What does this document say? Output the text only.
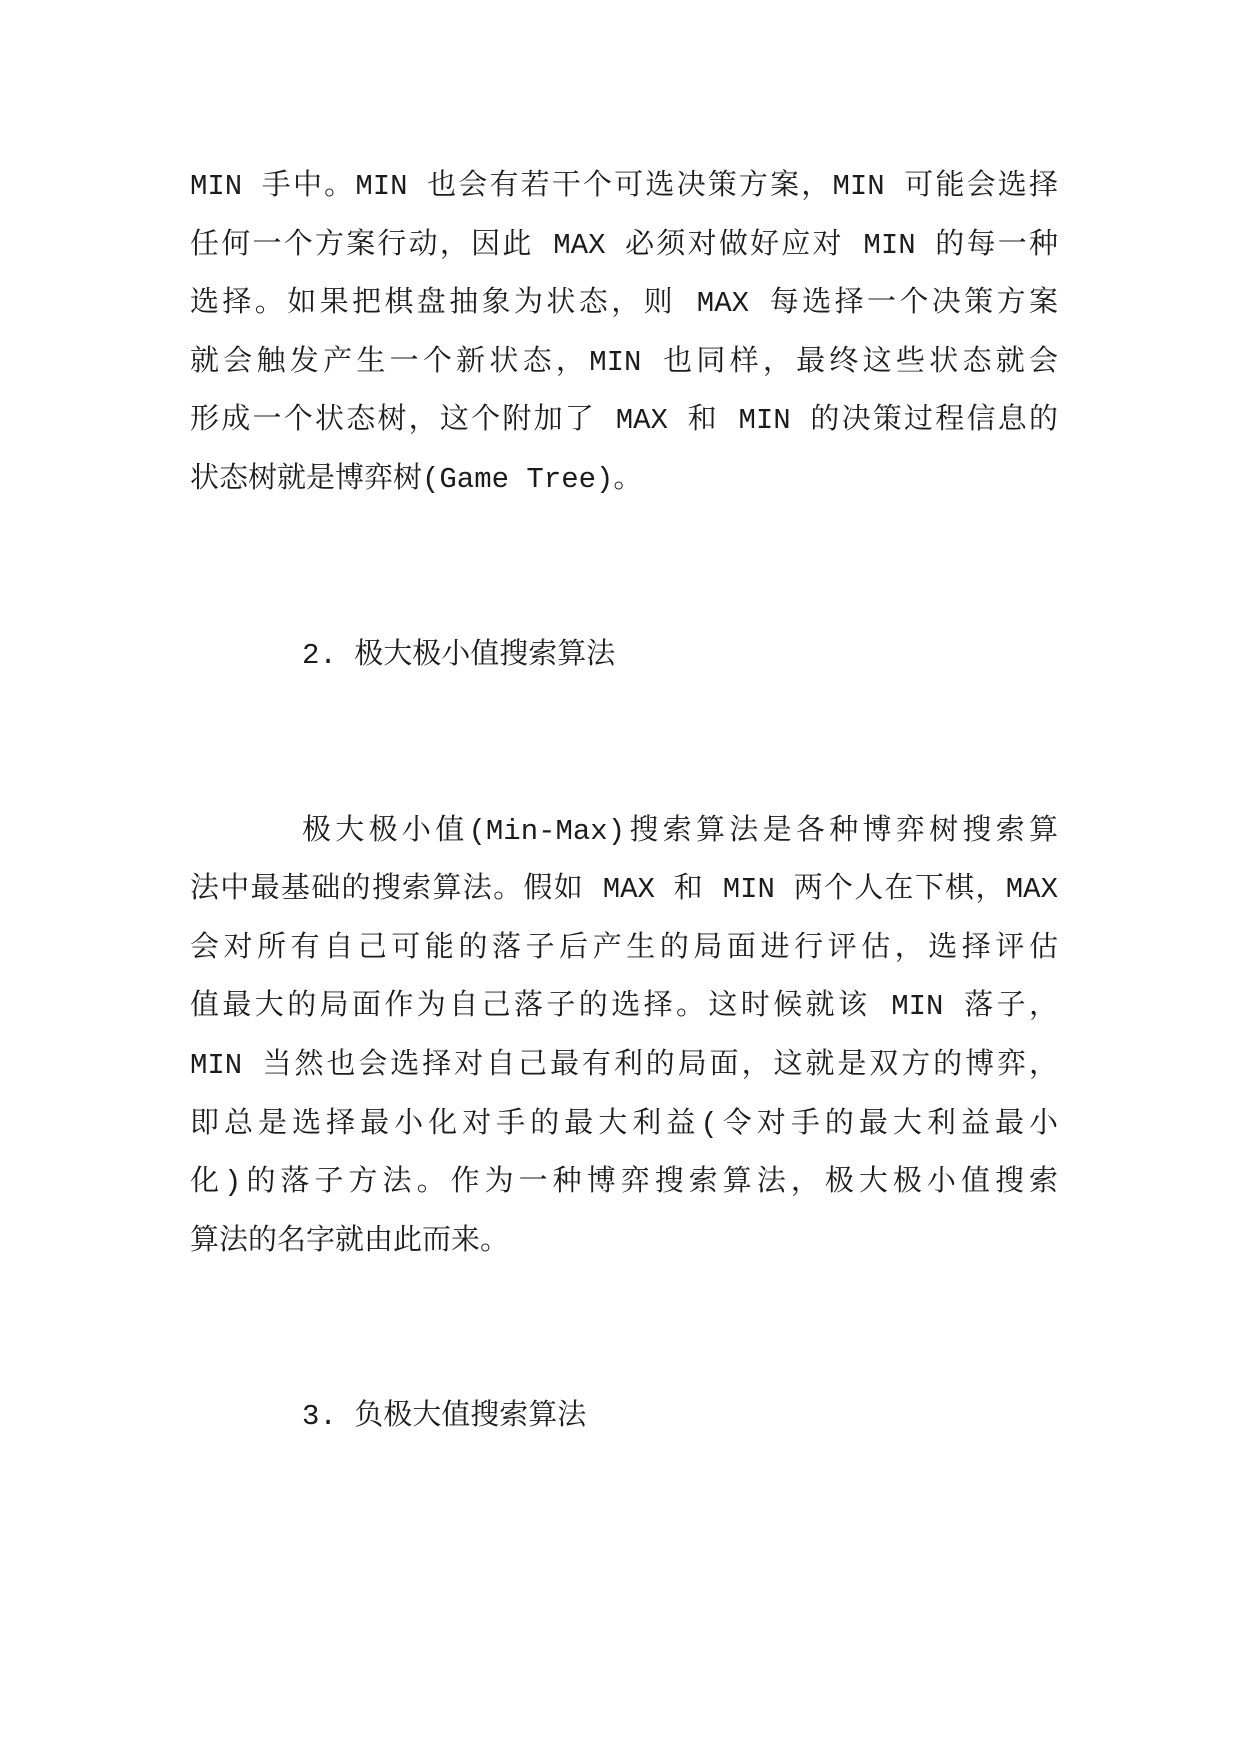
MIN 手中。MIN 也会有若干个可选决策方案，MIN 可能会选择
任何一个方案行动，因此 MAX 必须对做好应对 MIN 的每一种
选择。如果把棋盘抽象为状态，则 MAX 每选择一个决策方案
就会触发产生一个新状态，MIN 也同样，最终这些状态就会
形成一个状态树，这个附加了 MAX 和 MIN 的决策过程信息的
状态树就是博弈树(Game Tree)。
2. 极大极小值搜索算法
极大极小值(Min-Max)搜索算法是各种博弈树搜索算
法中最基础的搜索算法。假如 MAX 和 MIN 两个人在下棋，MAX
会对所有自己可能的落子后产生的局面进行评估，选择评估
值最大的局面作为自己落子的选择。这时候就该 MIN 落子，
MIN 当然也会选择对自己最有利的局面，这就是双方的博弈，
即总是选择最小化对手的最大利益(令对手的最大利益最小
化)的落子方法。作为一种博弈搜索算法，极大极小值搜索
算法的名字就由此而来。
3. 负极大值搜索算法
